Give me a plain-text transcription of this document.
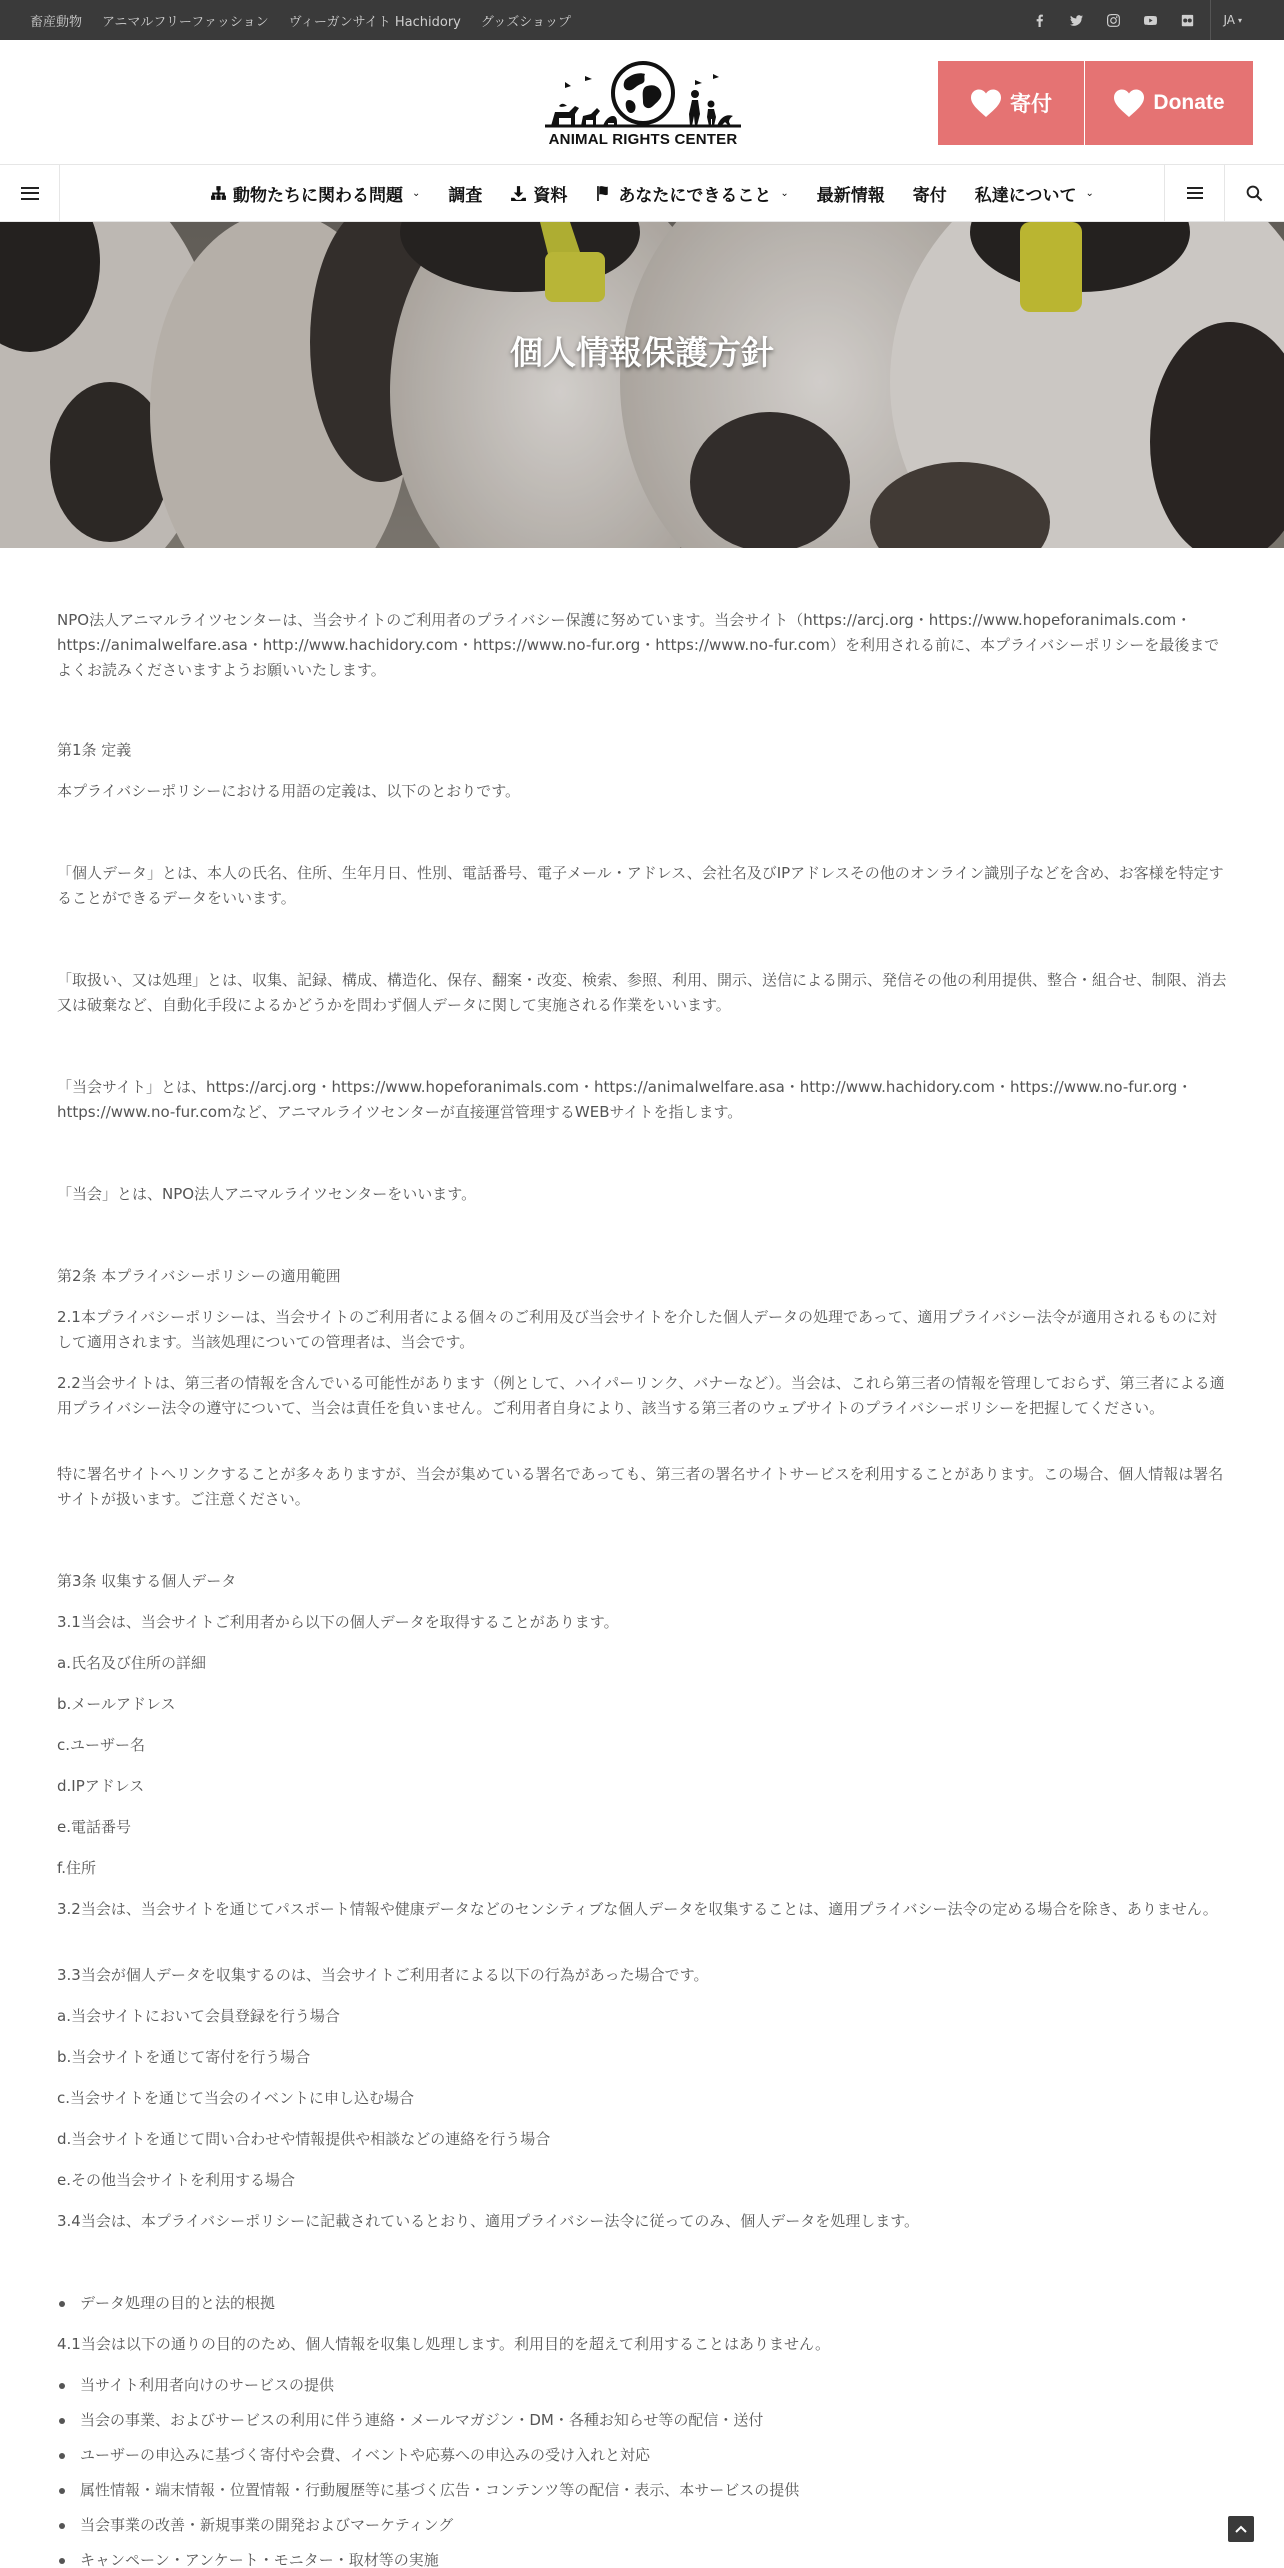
畜産動物 アニマルフリーファッション ヴィーガンサイト Hachidory グッズショップ	JA ▾
ANIMAL RIGHTS CENTER
寄付	Donate
動物たちに関わる問題 ⌄ 調査	資料	あなたにできること ⌄ 最新情報 寄付 私達について ⌄
個人情報保護方針
NPO法人アニマルライツセンターは、当会サイトのご利用者のプライバシー保護に努めています。当会サイト（https://arcj.org・https://www.hopeforanimals.com・https://animalwelfare.asa・http://www.hachidory.com・https://www.no-fur.org・https://www.no-fur.com）を利用される前に、本プライバシーポリシーを最後までよくお読みくださいますようお願いいたします。
第1条 定義
本プライバシーポリシーにおける用語の定義は、以下のとおりです。
「個人データ」とは、本人の氏名、住所、生年月日、性別、電話番号、電子メール・アドレス、会社名及びIPアドレスその他のオンライン識別子などを含め、お客様を特定することができるデータをいいます。
「取扱い、又は処理」とは、収集、記録、構成、構造化、保存、翻案・改変、検索、参照、利用、開示、送信による開示、発信その他の利用提供、整合・組合せ、制限、消去又は破棄など、自動化手段によるかどうかを問わず個人データに関して実施される作業をいいます。
「当会サイト」とは、https://arcj.org・https://www.hopeforanimals.com・https://animalwelfare.asa・http://www.hachidory.com・https://www.no-fur.org・https://www.no-fur.comなど、アニマルライツセンターが直接運営管理するWEBサイトを指します。
「当会」とは、NPO法人アニマルライツセンターをいいます。
第2条 本プライバシーポリシーの適用範囲
2.1本プライバシーポリシーは、当会サイトのご利用者による個々のご利用及び当会サイトを介した個人データの処理であって、適用プライバシー法令が適用されるものに対して適用されます。当該処理についての管理者は、当会です。
2.2当会サイトは、第三者の情報を含んでいる可能性があります（例として、ハイパーリンク、バナーなど）。当会は、これら第三者の情報を管理しておらず、第三者による適用プライバシー法令の遵守について、当会は責任を負いません。ご利用者自身により、該当する第三者のウェブサイトのプライバシーポリシーを把握してください。
特に署名サイトへリンクすることが多々ありますが、当会が集めている署名であっても、第三者の署名サイトサービスを利用することがあります。この場合、個人情報は署名サイトが扱います。ご注意ください。
第3条 収集する個人データ
3.1当会は、当会サイトご利用者から以下の個人データを取得することがあります。
a.氏名及び住所の詳細
b.メールアドレス
c.ユーザー名
d.IPアドレス
e.電話番号
f.住所
3.2当会は、当会サイトを通じてパスポート情報や健康データなどのセンシティブな個人データを収集することは、適用プライバシー法令の定める場合を除き、ありません。
3.3当会が個人データを収集するのは、当会サイトご利用者による以下の行為があった場合です。
a.当会サイトにおいて会員登録を行う場合
b.当会サイトを通じて寄付を行う場合
c.当会サイトを通じて当会のイベントに申し込む場合
d.当会サイトを通じて問い合わせや情報提供や相談などの連絡を行う場合
e.その他当会サイトを利用する場合
3.4当会は、本プライバシーポリシーに記載されているとおり、適用プライバシー法令に従ってのみ、個人データを処理します。
データ処理の目的と法的根拠
4.1当会は以下の通りの目的のため、個人情報を収集し処理します。利用目的を超えて利用することはありません。
当サイト利用者向けのサービスの提供
当会の事業、およびサービスの利用に伴う連絡・メールマガジン・DM・各種お知らせ等の配信・送付
ユーザーの申込みに基づく寄付や会費、イベントや応募への申込みの受け入れと対応
属性情報・端末情報・位置情報・行動履歴等に基づく広告・コンテンツ等の配信・表示、本サービスの提供
当会事業の改善・新規事業の開発およびマーケティング
キャンペーン・アンケート・モニター・取材等の実施
